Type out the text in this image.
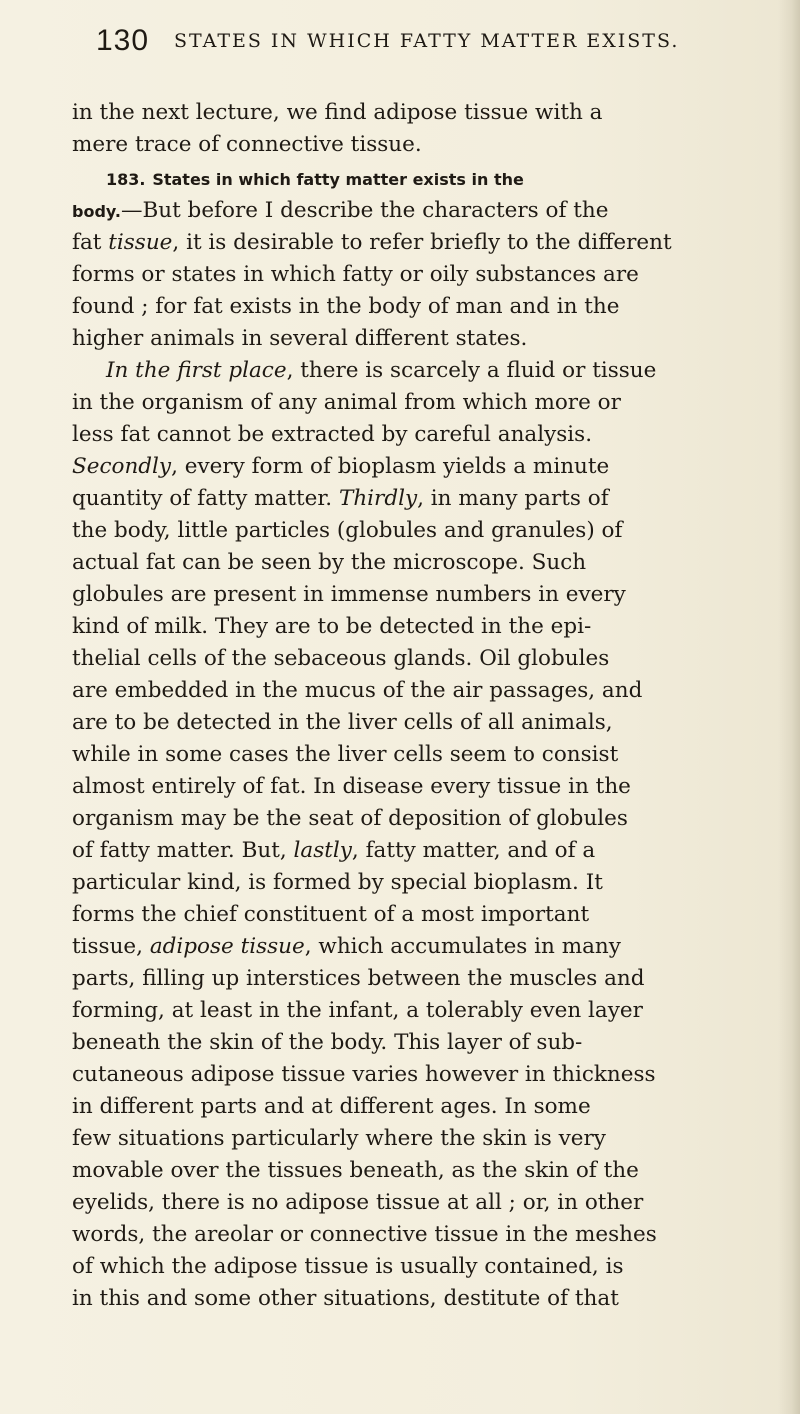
130 STATES IN WHICH FATTY MATTER EXISTS.
in the next lecture, we find adipose tissue with a
mere trace of connective tissue.
183. States in which fatty matter exists in the
body.—But before I describe the characters of the
fat tissue, it is desirable to refer briefly to the different
forms or states in which fatty or oily substances are
found ; for fat exists in the body of man and in the
higher animals in several different states.
In the first place, there is scarcely a fluid or tissue
in the organism of any animal from which more or
less fat cannot be extracted by careful analysis.
Secondly, every form of bioplasm yields a minute
quantity of fatty matter. Thirdly, in many parts of
the body, little particles (globules and granules) of
actual fat can be seen by the microscope. Such
globules are present in immense numbers in every
kind of milk. They are to be detected in the epi-
thelial cells of the sebaceous glands. Oil globules
are embedded in the mucus of the air passages, and
are to be detected in the liver cells of all animals,
while in some cases the liver cells seem to consist
almost entirely of fat. In disease every tissue in the
organism may be the seat of deposition of globules
of fatty matter. But, lastly, fatty matter, and of a
particular kind, is formed by special bioplasm. It
forms the chief constituent of a most important
tissue, adipose tissue, which accumulates in many
parts, filling up interstices between the muscles and
forming, at least in the infant, a tolerably even layer
beneath the skin of the body. This layer of sub-
cutaneous adipose tissue varies however in thickness
in different parts and at different ages. In some
few situations particularly where the skin is very
movable over the tissues beneath, as the skin of the
eyelids, there is no adipose tissue at all ; or, in other
words, the areolar or connective tissue in the meshes
of which the adipose tissue is usually contained, is
in this and some other situations, destitute of that
